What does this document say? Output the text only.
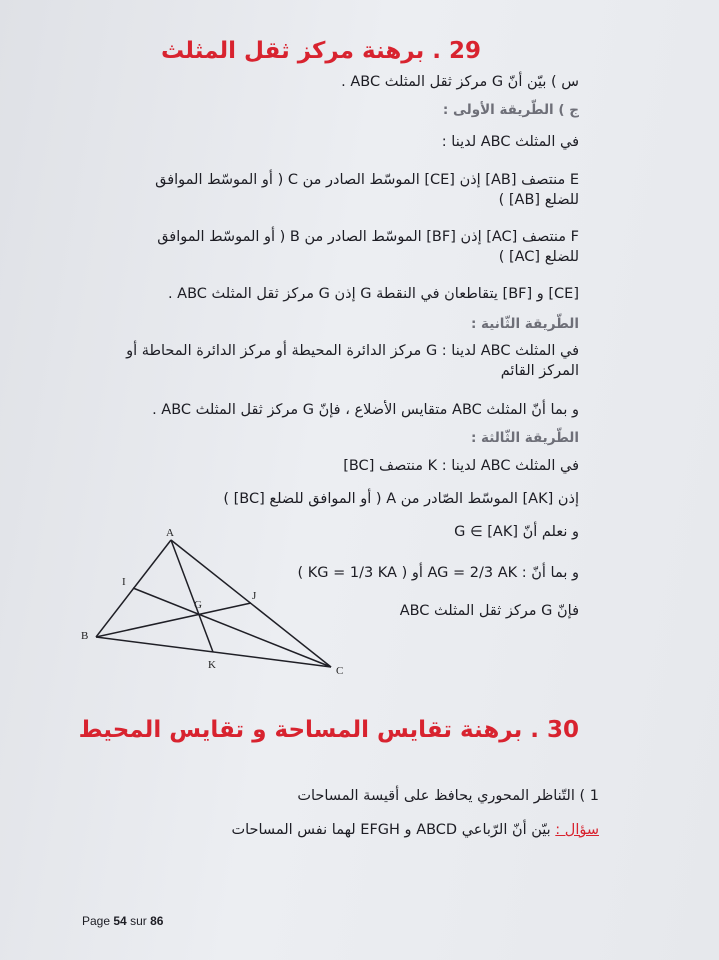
29 . برهنة مركز ثقل المثلث
س ) بيّن أنّ G مركز ثقل المثلث ABC .
ج ) الطّريقة الأولى :
في المثلث ABC لدينا :
E منتصف [AB] إذن [CE] الموسّط الصادر من C ( أو الموسّط الموافق
للضلع [AB] )
F منتصف [AC] إذن [BF] الموسّط الصادر من B ( أو الموسّط الموافق
للضلع [AC] )
[CE] و [BF] يتقاطعان في النقطة G إذن G مركز ثقل المثلث ABC .
الطّريقة الثّانية :
في المثلث ABC لدينا : G مركز الدائرة المحيطة أو مركز الدائرة المحاطة أو
المركز القائم
و بما أنّ المثلث ABC متقايس الأضلاع ، فإنّ G مركز ثقل المثلث ABC .
الطّريقة الثّالثة :
في المثلث ABC لدينا : K منتصف [BC]
إذن [AK] الموسّط الصّادر من A ( أو الموافق للضلع [BC] )
و نعلم أنّ G ∈ [AK]
و بما أنّ : AG = 2/3 AK أو ( KG = 1/3 KA )
فإنّ G مركز ثقل المثلث ABC
A
B
C
G
I
J
K
30 . برهنة تقايس المساحة و تقايس المحيط
1 ) التّناظر المحوري يحافظ على أقيسة المساحات
سؤال : بيّن أنّ الرّباعي ABCD و EFGH لهما نفس المساحات
Page 54 sur 86
